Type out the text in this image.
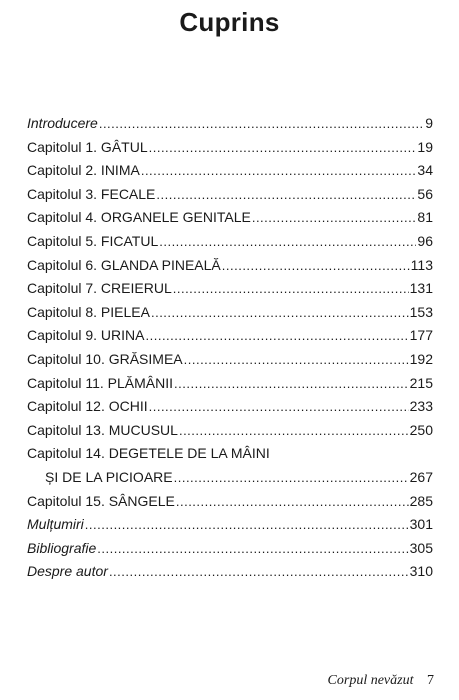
Cuprins
Introducere .....	9
Capitolul 1. GÂTUL .....	19
Capitolul 2. INIMA .....	34
Capitolul 3. FECALE .....	56
Capitolul 4. ORGANELE GENITALE .....	81
Capitolul 5. FICATUL .....	96
Capitolul 6. GLANDA PINEALĂ .....	113
Capitolul 7. CREIERUL .....	131
Capitolul 8. PIELEA .....	153
Capitolul 9. URINA .....	177
Capitolul 10. GRĂSIMEA .....	192
Capitolul 11. PLĂMÂNII .....	215
Capitolul 12. OCHII .....	233
Capitolul 13. MUCUSUL .....	250
Capitolul 14. DEGETELE DE LA MÂINI
ȘI DE LA PICIOARE .....	267
Capitolul 15. SÂNGELE .....	285
Mulțumiri .....	301
Bibliografie .....	305
Despre autor .....	310
Corpul nevăzut 7
